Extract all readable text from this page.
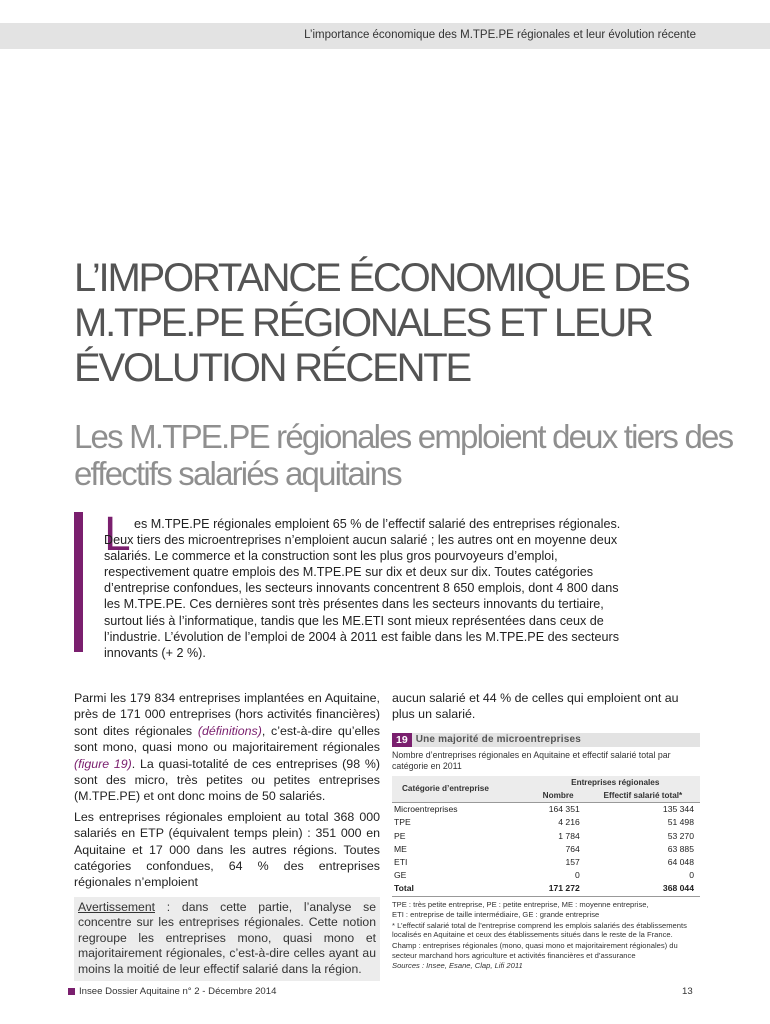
L’importance économique des M.TPE.PE régionales et leur évolution récente
L’IMPORTANCE ÉCONOMIQUE DES M.TPE.PE RÉGIONALES ET LEUR ÉVOLUTION RÉCENTE
Les M.TPE.PE régionales emploient deux tiers des effectifs salariés aquitains
L es M.TPE.PE régionales emploient 65 % de l’effectif salarié des entreprises régionales. Deux tiers des microentreprises n’emploient aucun salarié ; les autres ont en moyenne deux salariés. Le commerce et la construction sont les plus gros pourvoyeurs d’emploi, respectivement quatre emplois des M.TPE.PE sur dix et deux sur dix. Toutes catégories d’entreprise confondues, les secteurs innovants concentrent 8 650 emplois, dont 4 800 dans les M.TPE.PE. Ces dernières sont très présentes dans les secteurs innovants du tertiaire, surtout liés à l’informatique, tandis que les ME.ETI sont mieux représentées dans ceux de l’industrie. L’évolution de l’emploi de 2004 à 2011 est faible dans les M.TPE.PE des secteurs innovants (+ 2 %).

Parmi les 179 834 entreprises implantées en Aquitaine, près de 171 000 entreprises (hors activités financières) sont dites régionales (définitions), c’est-à-dire qu’elles sont mono, quasi mono ou majoritairement régionales (figure 19). La quasi-totalité de ces entreprises (98 %) sont des micro, très petites ou petites entreprises (M.TPE.PE) et ont donc moins de 50 salariés.

Les entreprises régionales emploient au total 368 000 salariés en ETP (équivalent temps plein) : 351 000 en Aquitaine et 17 000 dans les autres régions. Toutes catégories confondues, 64 % des entreprises régionales n’emploient

Avertissement : dans cette partie, l’analyse se concentre sur les entreprises régionales. Cette notion regroupe les entreprises mono, quasi mono et majoritairement régionales, c’est-à-dire celles ayant au moins la moitié de leur effectif salarié dans la région.

aucun salarié et 44 % de celles qui emploient ont au plus un salarié.

19 Une majorité de microentreprises
Nombre d’entreprises régionales en Aquitaine et effectif salarié total par catégorie en 2011
Catégorie d’entreprise	Entreprises régionales	
	Nombre	Effectif salarié total*
Microentreprises	164 351	135 344
TPE	4 216	51 498
PE	1 784	53 270
ME	764	63 885
ETI	157	64 048
GE	0	0
Total	171 272	368 044

TPE : très petite entreprise, PE : petite entreprise, ME : moyenne entreprise,

ETI : entreprise de taille intermédiaire, GE : grande entreprise

* L’effectif salarié total de l’entreprise comprend les emplois salariés des établissements localisés en Aquitaine et ceux des établissements situés dans le reste de la France.

Champ : entreprises régionales (mono, quasi mono et majoritairement régionales) du secteur marchand hors agriculture et activités financières et d’assurance

Sources : Insee, Esane, Clap, Lifi 2011

Insee Dossier Aquitaine n° 2 - Décembre 2014	13
